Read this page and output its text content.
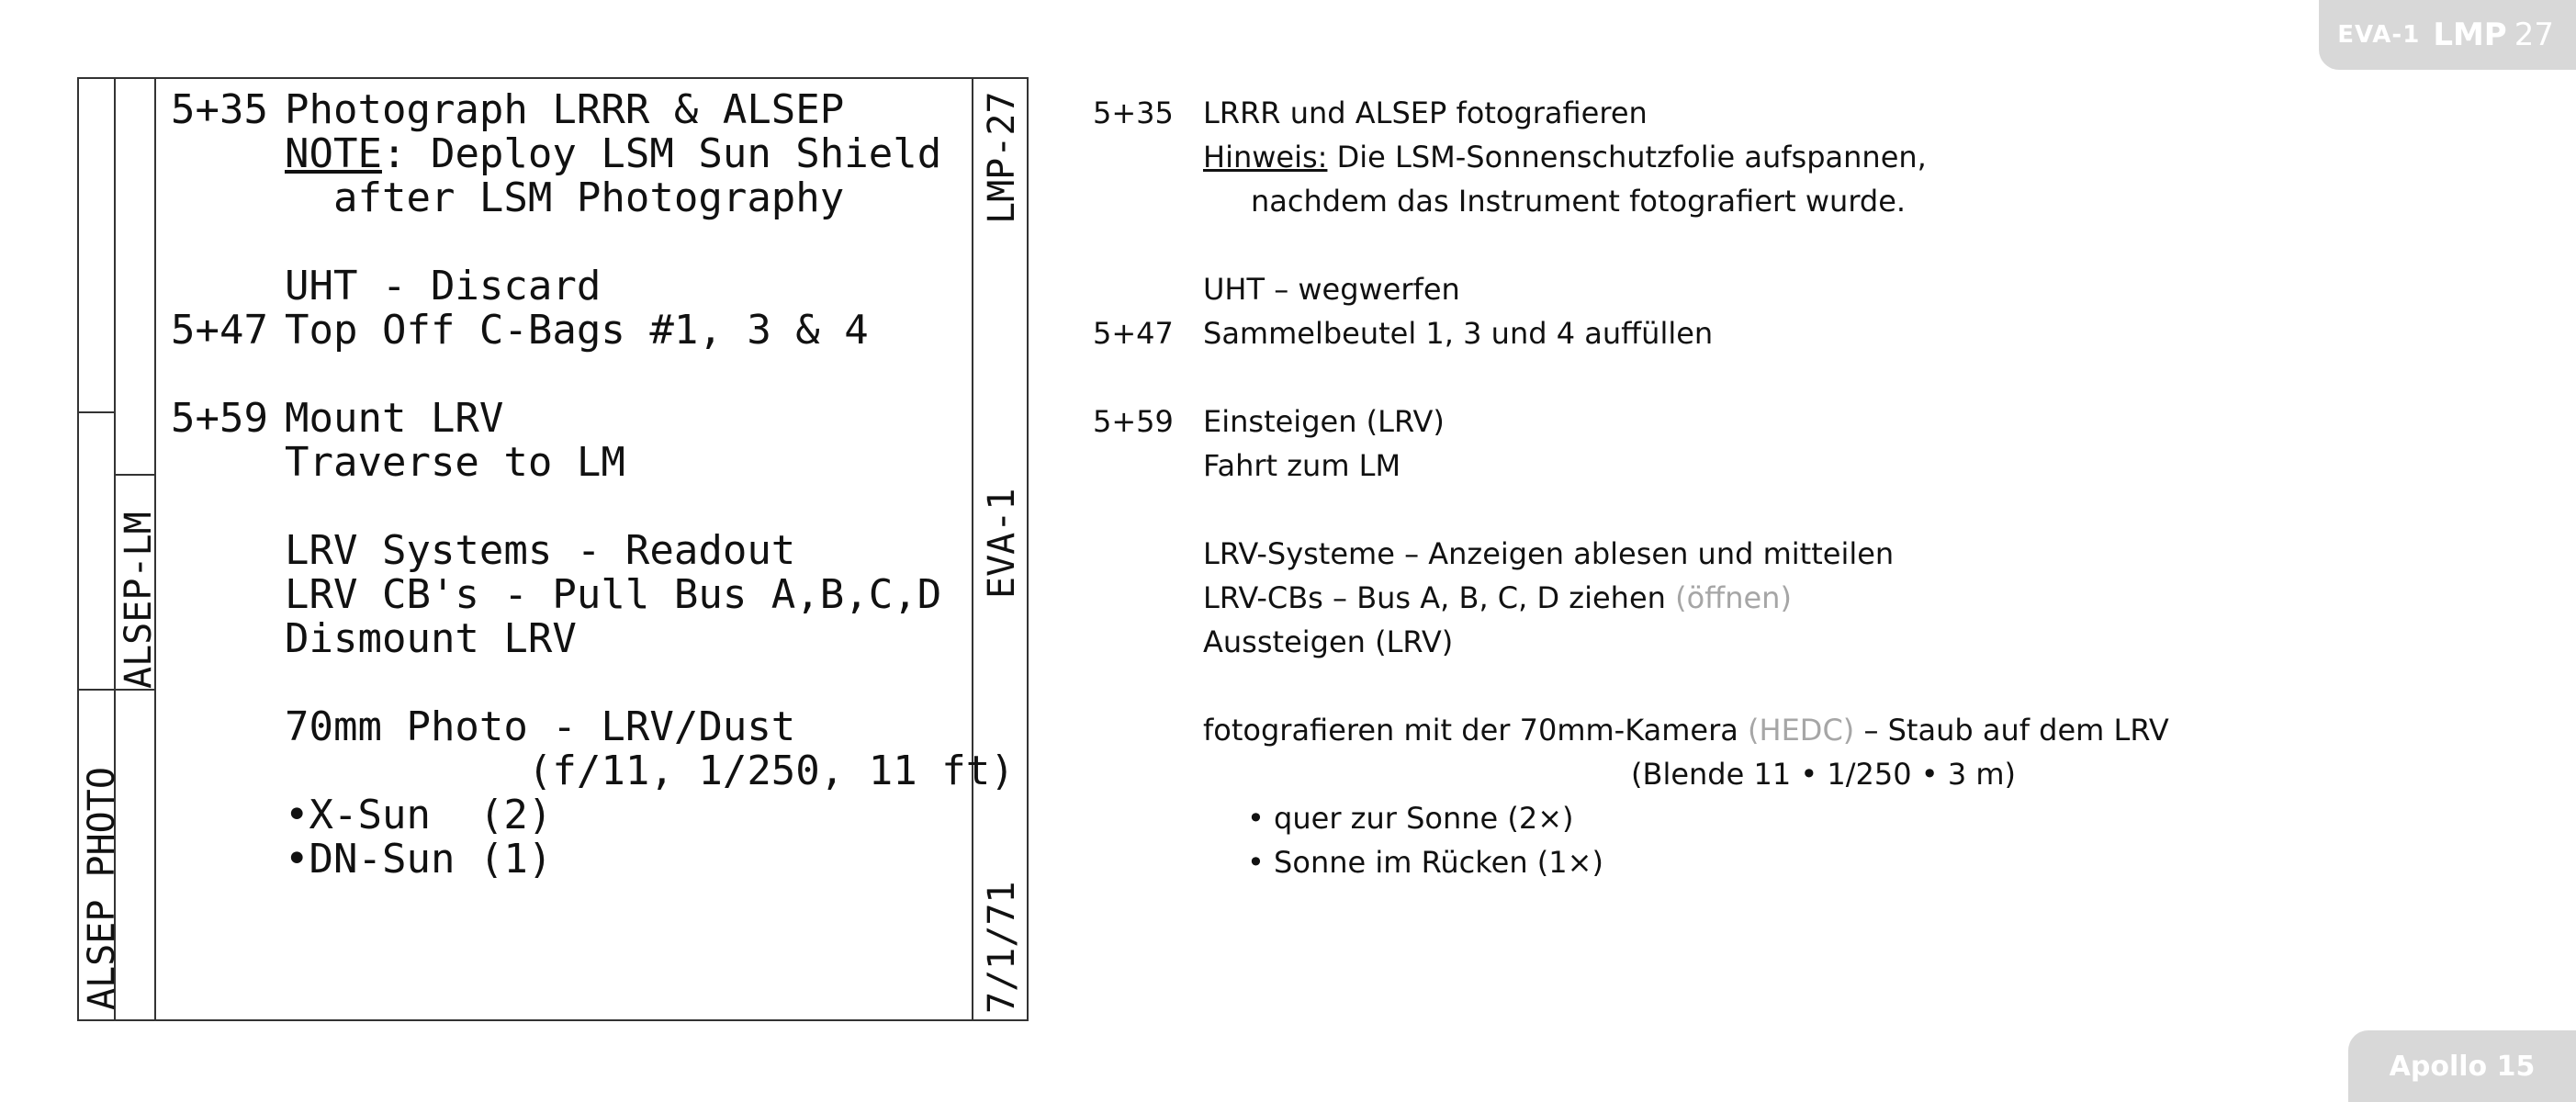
EVA-1 LMP 27
Apollo 15
ALSEP PHOTO
ALSEP-LM
LMP-27
EVA-1
7/1/71
5+35 Photograph LRRR & ALSEP
NOTE: Deploy LSM Sun Shield
after LSM Photography
UHT - Discard
5+47 Top Off C-Bags #1, 3 & 4
5+59 Mount LRV
Traverse to LM
LRV Systems - Readout
LRV CB's - Pull Bus A,B,C,D
Dismount LRV
70mm Photo - LRV/Dust
(f/11, 1/250, 11 ft)
•X-Sun  (2)
•DN-Sun (1)
5+35 LRRR und ALSEP fotografieren
Hinweis: Die LSM-Sonnenschutzfolie aufspannen,
nachdem das Instrument fotografiert wurde.
UHT – wegwerfen
5+47 Sammelbeutel 1, 3 und 4 auffüllen
5+59 Einsteigen (LRV)
Fahrt zum LM
LRV-Systeme – Anzeigen ablesen und mitteilen
LRV-CBs – Bus A, B, C, D ziehen (öffnen)
Aussteigen (LRV)
fotografieren mit der 70mm-Kamera (HEDC) – Staub auf dem LRV
(Blende 11 • 1/250 • 3 m)
• quer zur Sonne (2×)
• Sonne im Rücken (1×)
